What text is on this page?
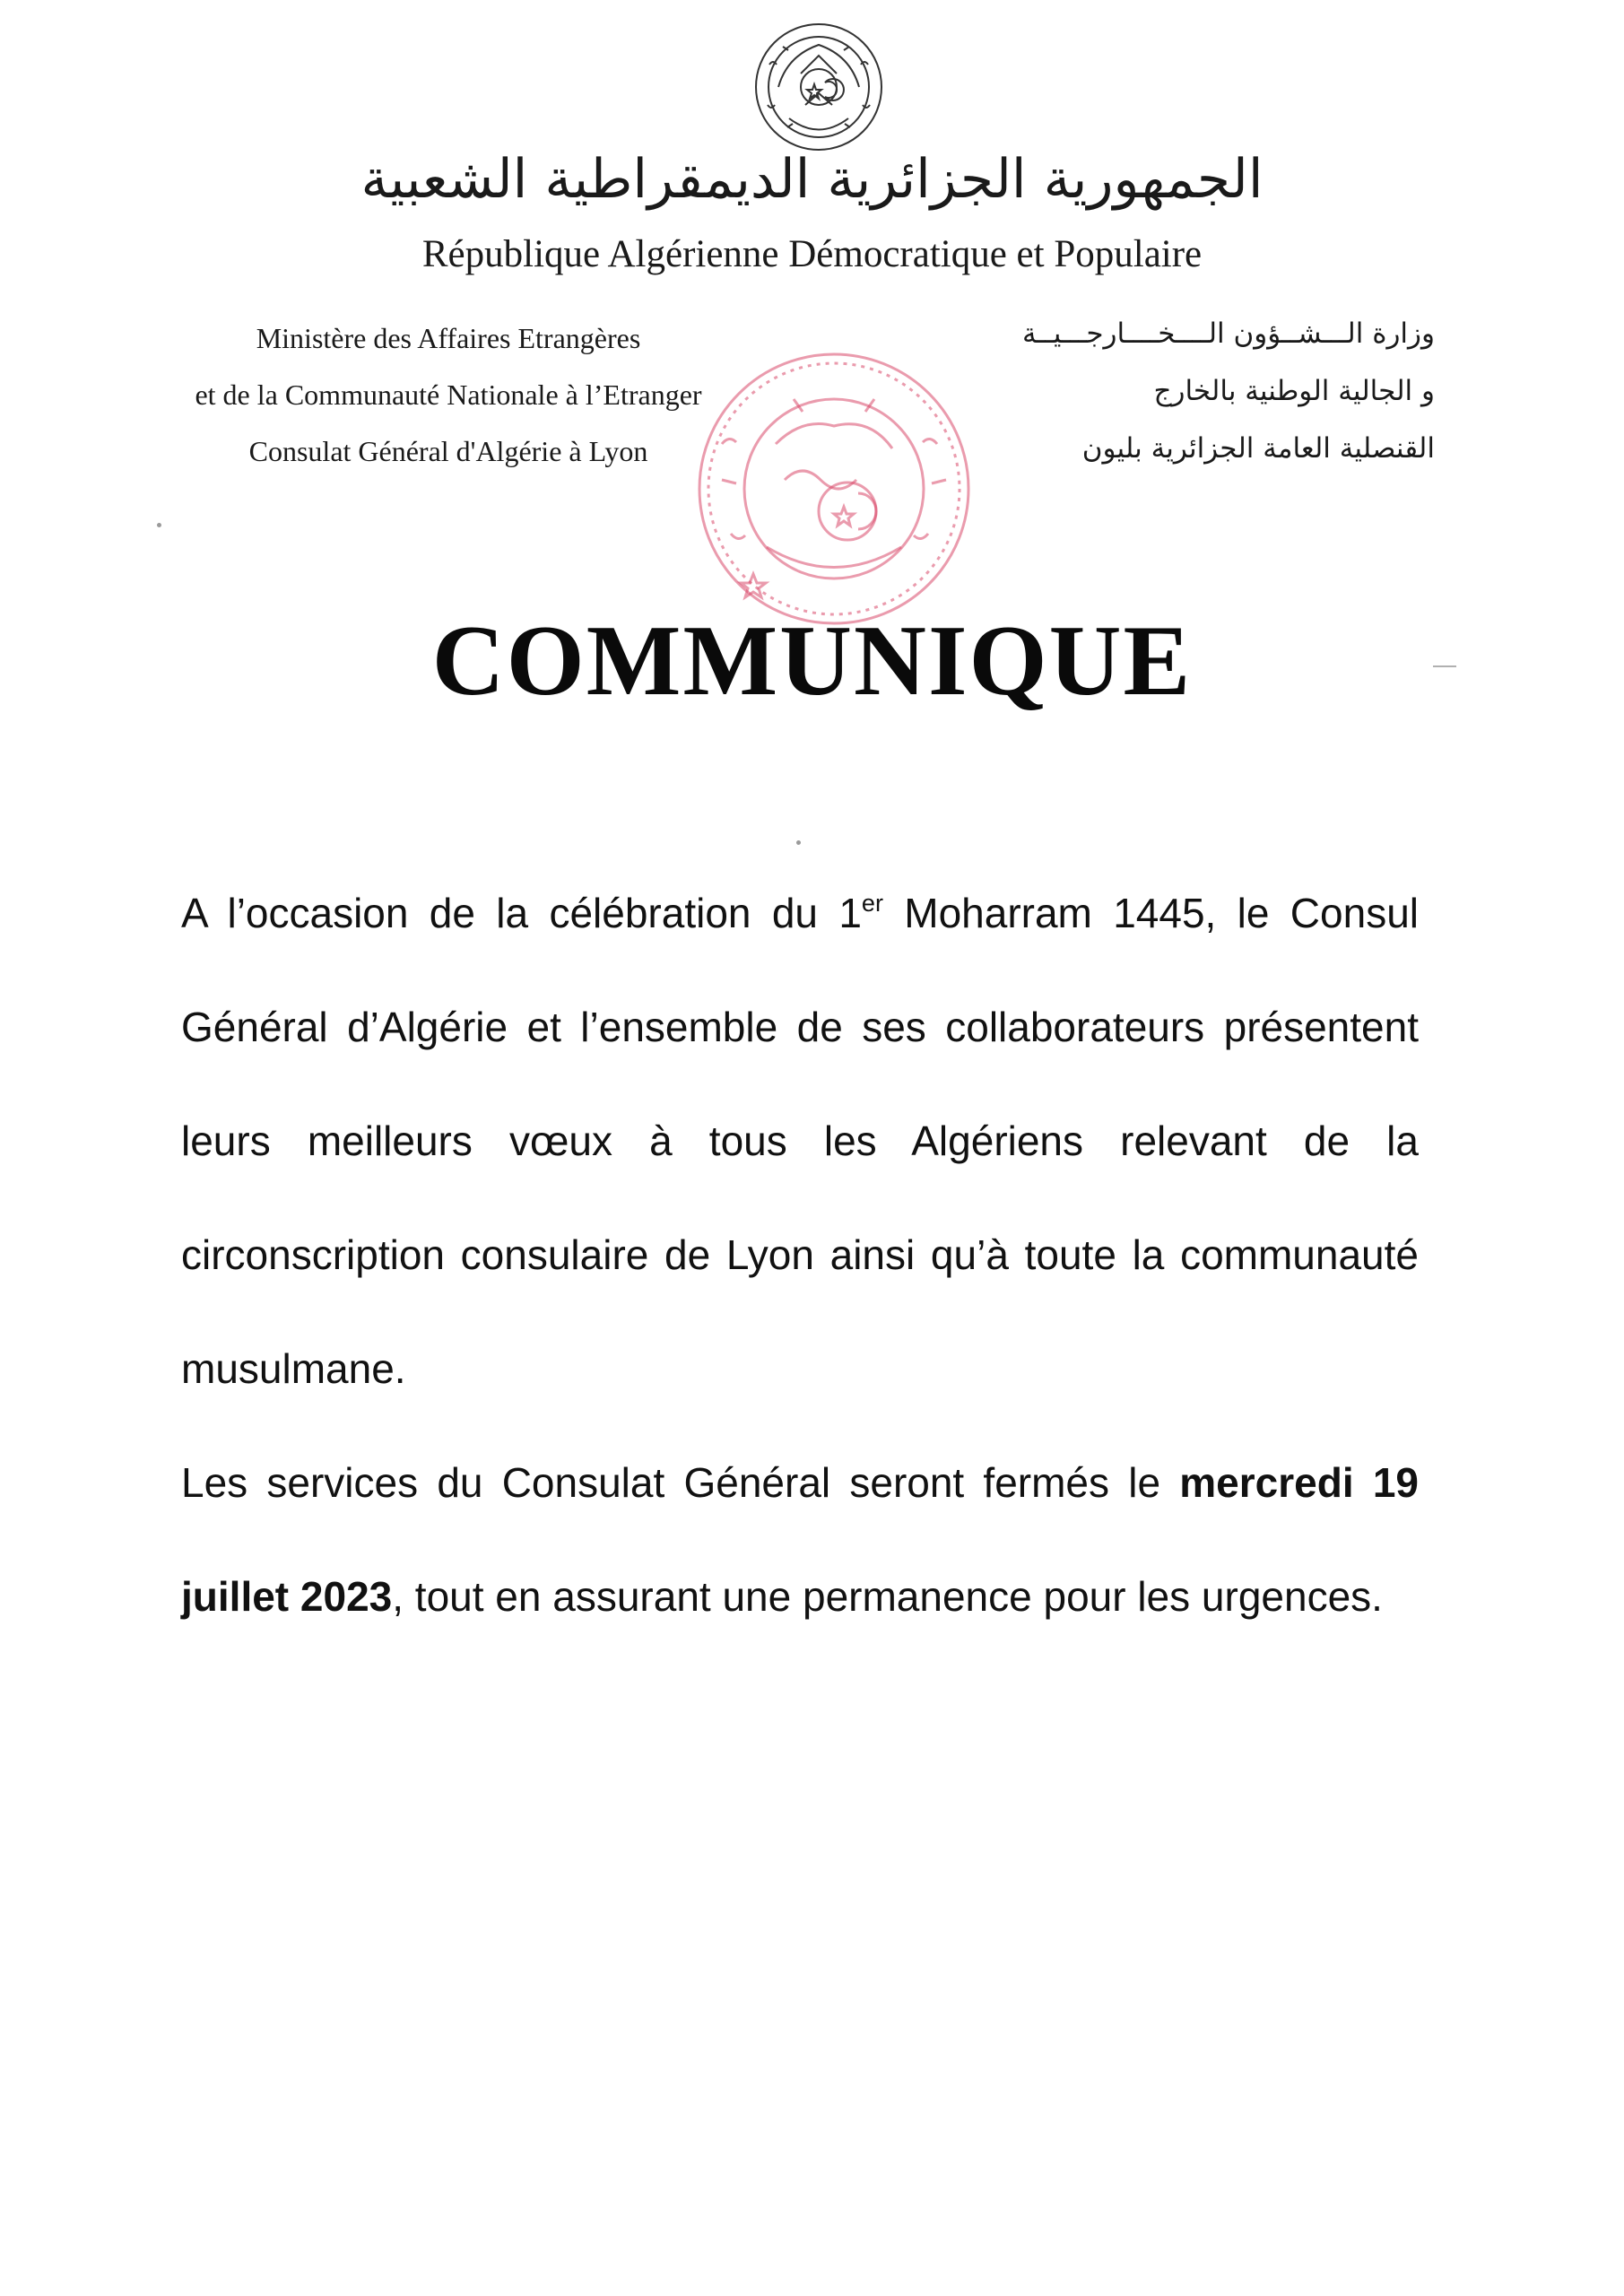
الجمهورية الجزائرية الديمقراطية الشعبية
République Algérienne Démocratique et Populaire
Ministère des Affaires Etrangères
et de la Communauté Nationale à l’Etranger
Consulat Général d'Algérie à Lyon
وزارة الـــشــؤون الــــخــــارجـــيــة
و الجالية الوطنية بالخارج
القنصلية العامة الجزائرية بليون
COMMUNIQUE

A l’occasion de la célébration du 1er Moharram 1445, le Consul Général d’Algérie et l’ensemble de ses collaborateurs présentent leurs meilleurs vœux à tous les Algériens relevant de la circonscription consulaire de Lyon ainsi qu’à toute la communauté musulmane.

Les services du Consulat Général seront fermés le mercredi 19 juillet 2023, tout en assurant une permanence pour les urgences.
